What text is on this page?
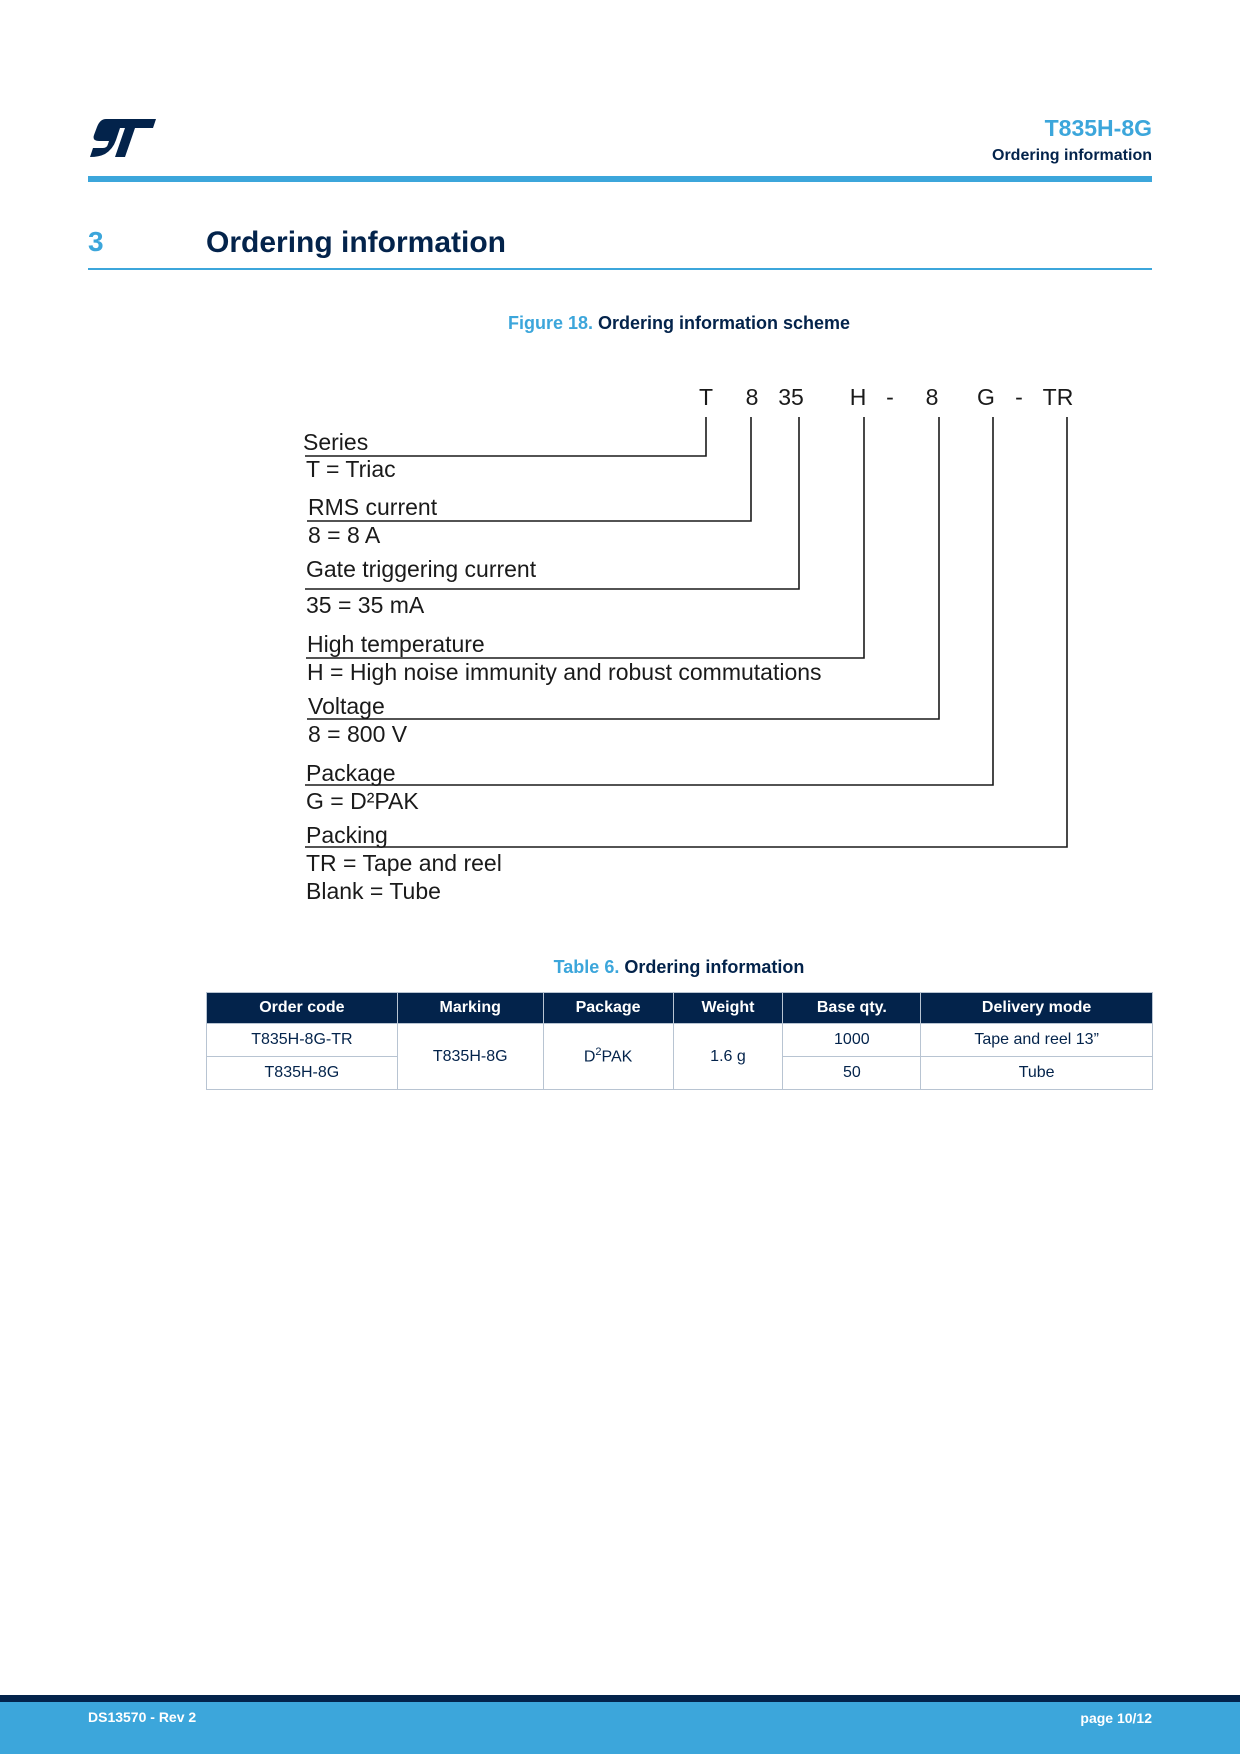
T835H-8G
Ordering information
3	Ordering information
Figure 18. Ordering information scheme
T 8 35 H - 8 G - TR
Series
T = Triac
RMS current
8 = 8 A
Gate triggering current
35 = 35 mA
High temperature
H = High noise immunity and robust commutations
Voltage
8 = 800 V
Package
G = D²PAK
Packing
TR = Tape and reel
Blank = Tube
Table 6. Ordering information
Order code	Marking	Package	Weight	Base qty.	Delivery mode
T835H-8G-TR	T835H-8G	$D^2PAK$	1.6 g	1000	Tape and reel 13”
T835H-8G				50	Tube
DS13570 - Rev 2	page 10/12
